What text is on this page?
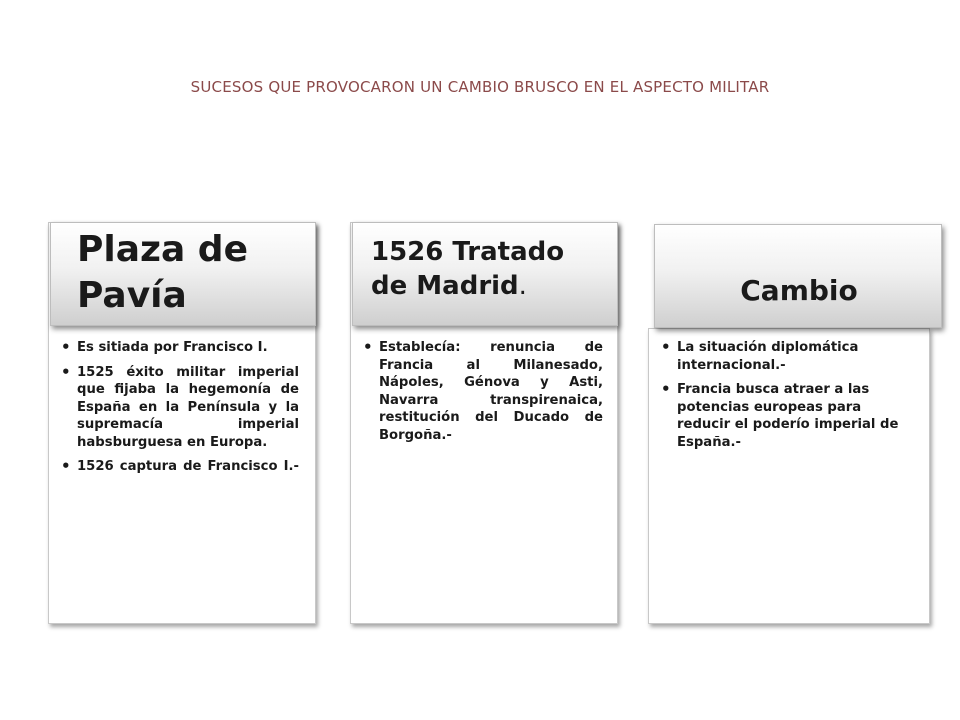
SUCESOS QUE PROVOCARON UN CAMBIO BRUSCO EN EL ASPECTO MILITAR
• Es sitiada por Francisco I.
• 1525 éxito militar imperial que fijaba la hegemonía de España en la Península y la supremacía imperial habsburguesa en Europa.
• 1526 captura de Francisco I.-
Plaza de Pavía
• Establecía: renuncia de Francia al Milanesado, Nápoles, Génova y Asti, Navarra transpirenaica, restitución del Ducado de Borgoña.-
1526 Tratado de Madrid.
• La situación diplomática internacional.-
• Francia busca atraer a las potencias europeas para reducir el poderío imperial de España.-
Cambio
